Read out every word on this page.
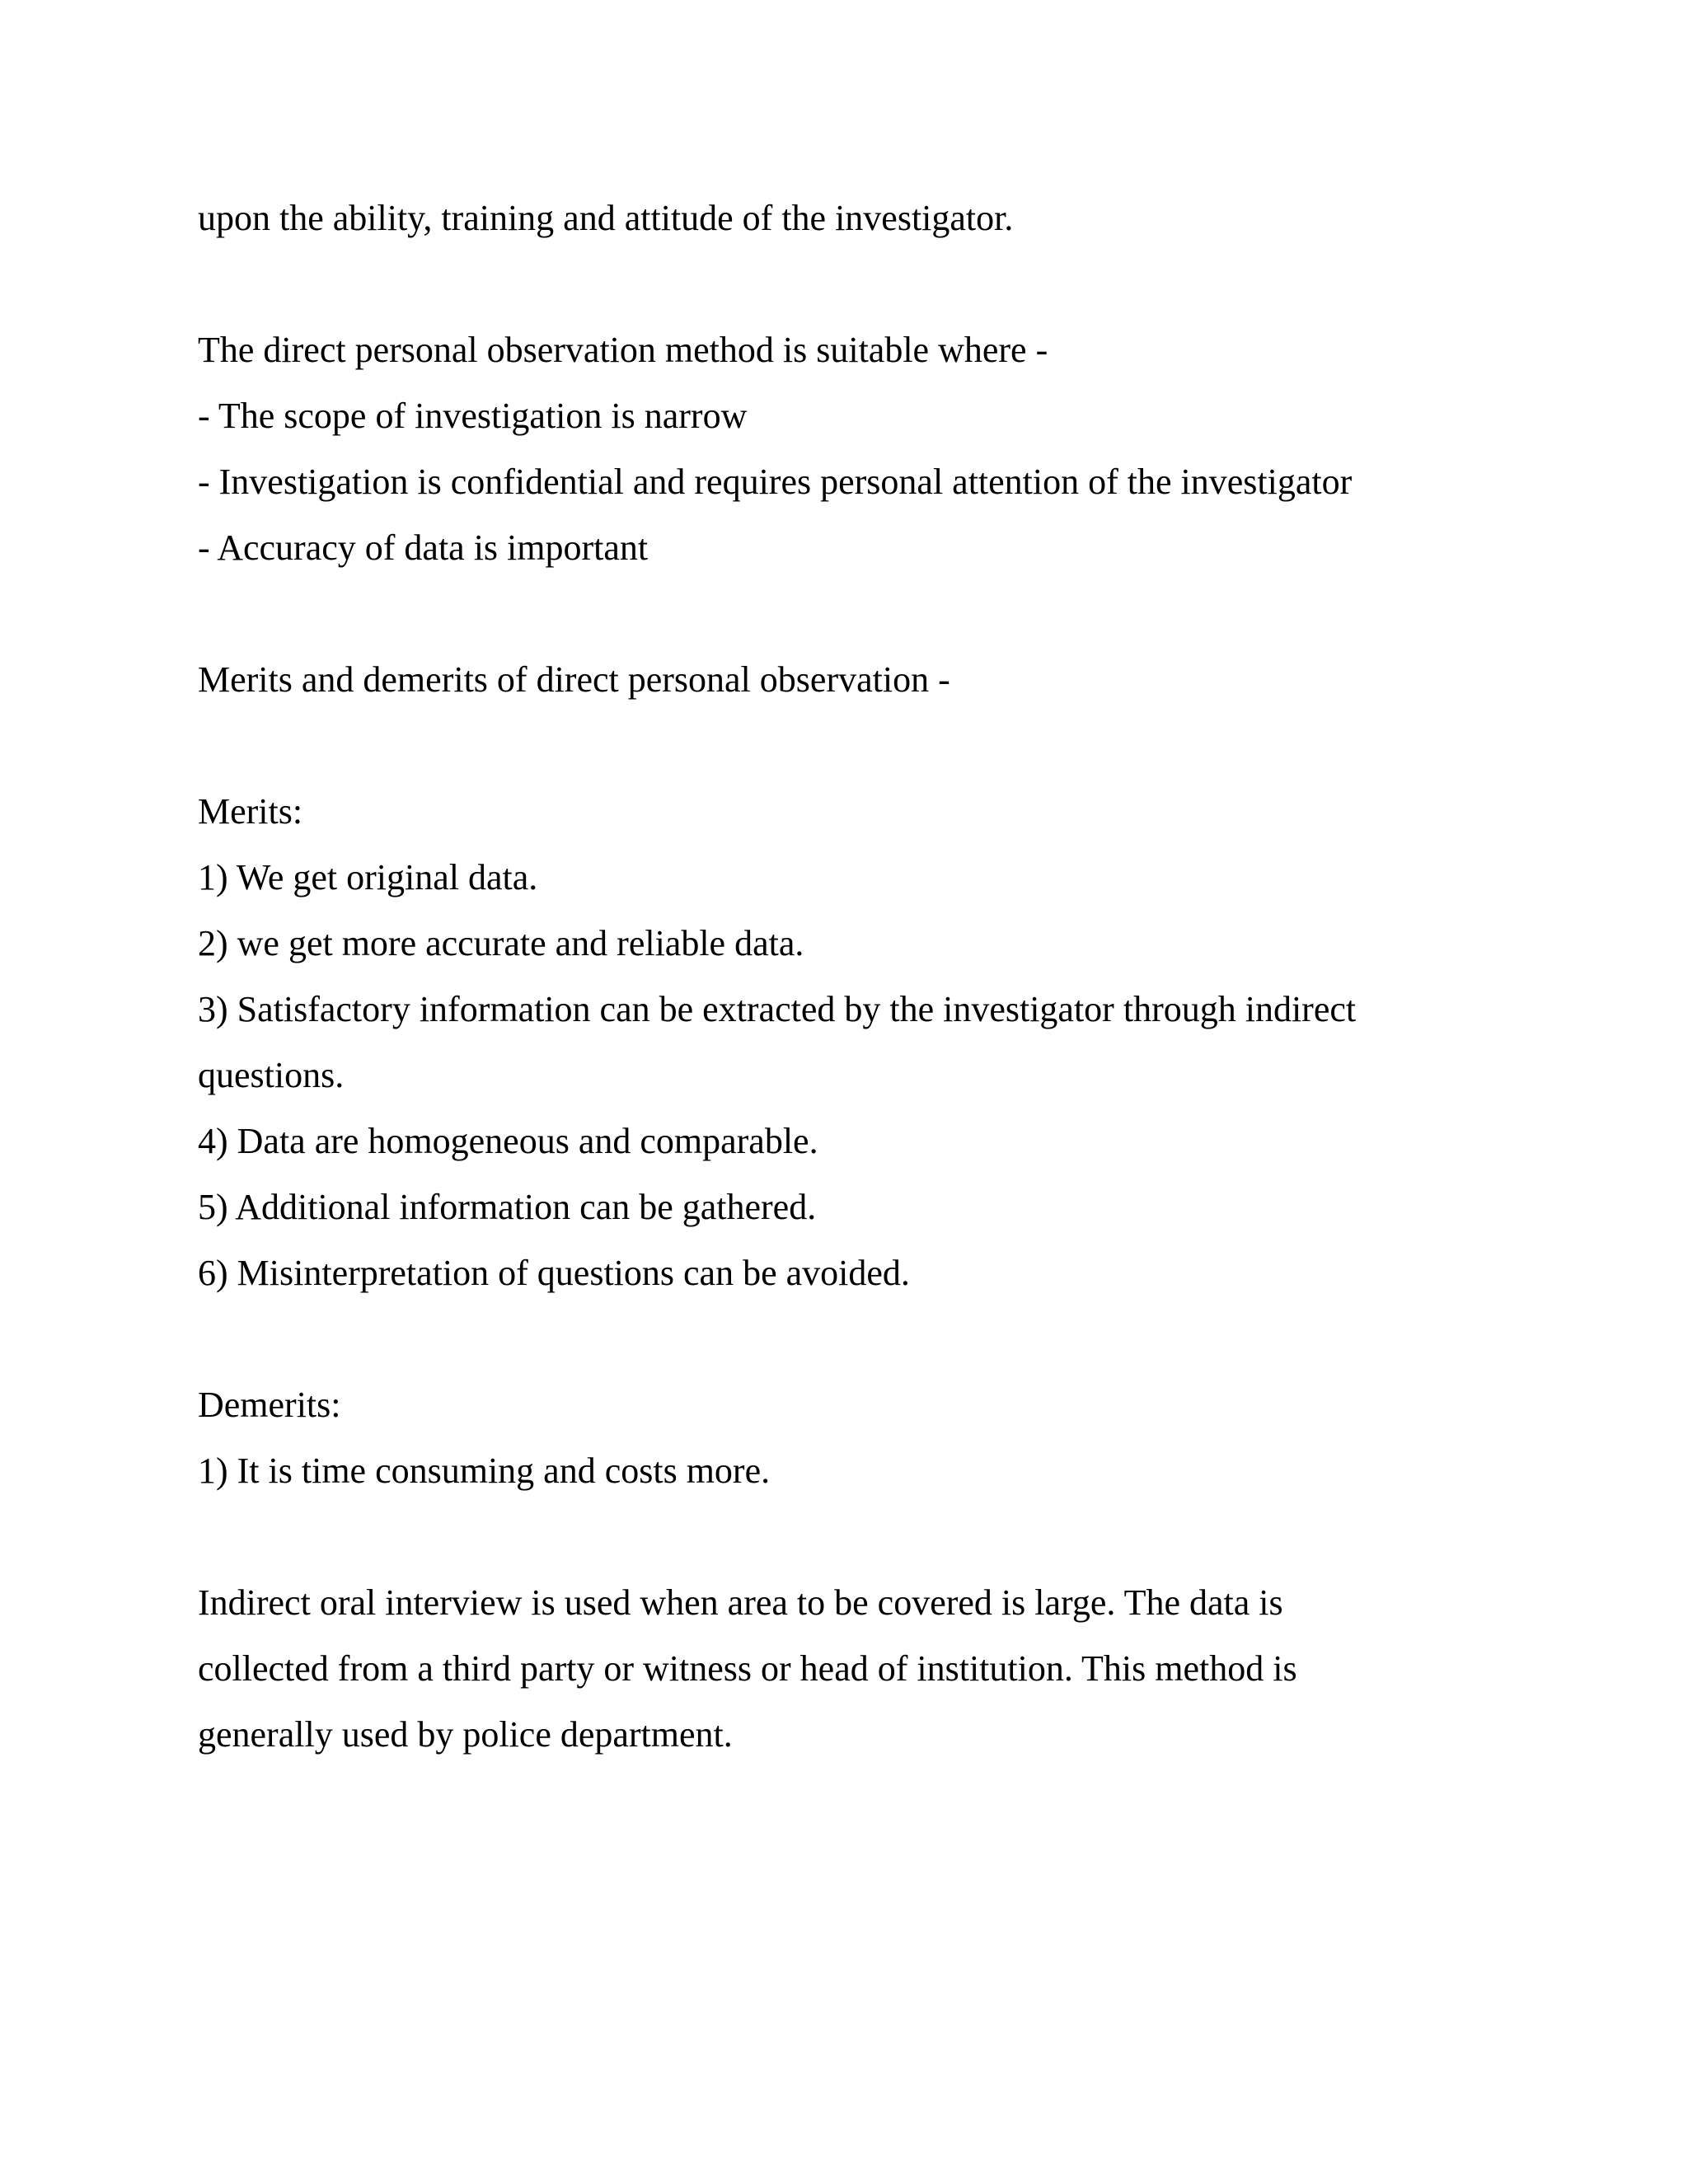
upon the ability, training and attitude of the investigator.
The direct personal observation method is suitable where -
- The scope of investigation is narrow
- Investigation is confidential and requires personal attention of the investigator
- Accuracy of data is important
Merits and demerits of direct personal observation -
Merits:
1) We get original data.
2) we get more accurate and reliable data.
3) Satisfactory information can be extracted by the investigator through indirect
questions.
4) Data are homogeneous and comparable.
5) Additional information can be gathered.
6) Misinterpretation of questions can be avoided.
Demerits:
1) It is time consuming and costs more.
Indirect oral interview is used when area to be covered is large. The data is
collected from a third party or witness or head of institution. This method is
generally used by police department.
